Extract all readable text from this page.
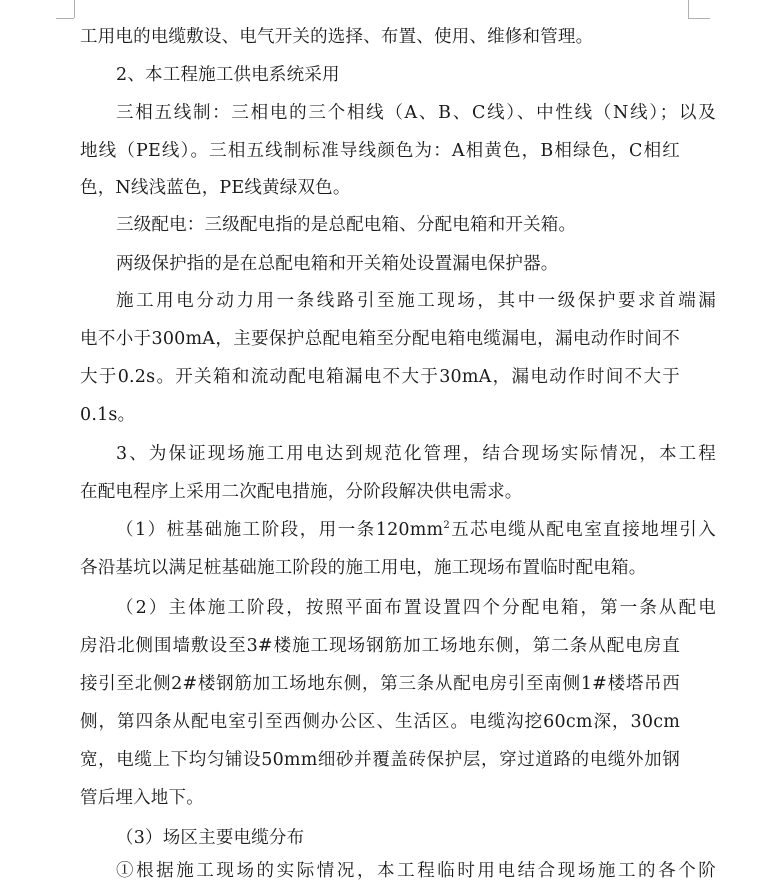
工用电的电缆敷设、电气开关的选择、布置、使用、维修和管理。
2、本工程施工供电系统采用
三相五线制：三相电的三个相线（A、B、C线）、中性线（N线）；以及
地线（PE线）。三相五线制标准导线颜色为：A相黄色，B相绿色，C相红
色，N线浅蓝色，PE线黄绿双色。
三级配电：三级配电指的是总配电箱、分配电箱和开关箱。
两级保护指的是在总配电箱和开关箱处设置漏电保护器。
施工用电分动力用一条线路引至施工现场，其中一级保护要求首端漏
电不小于300mA，主要保护总配电箱至分配电箱电缆漏电，漏电动作时间不
大于0.2s。开关箱和流动配电箱漏电不大于30mA，漏电动作时间不大于
0.1s。
3、为保证现场施工用电达到规范化管理，结合现场实际情况，本工程
在配电程序上采用二次配电措施，分阶段解决供电需求。
（1）桩基础施工阶段，用一条$120mm^2$五芯电缆从配电室直接地埋引入
各沿基坑以满足桩基础施工阶段的施工用电，施工现场布置临时配电箱。
（2）主体施工阶段，按照平面布置设置四个分配电箱，第一条从配电
房沿北侧围墙敷设至3#楼施工现场钢筋加工场地东侧，第二条从配电房直
接引至北侧2#楼钢筋加工场地东侧，第三条从配电房引至南侧1#楼塔吊西
侧，第四条从配电室引至西侧办公区、生活区。电缆沟挖60cm深，30cm
宽，电缆上下均匀铺设50mm细砂并覆盖砖保护层，穿过道路的电缆外加钢
管后埋入地下。
（3）场区主要电缆分布
①根据施工现场的实际情况，本工程临时用电结合现场施工的各个阶
